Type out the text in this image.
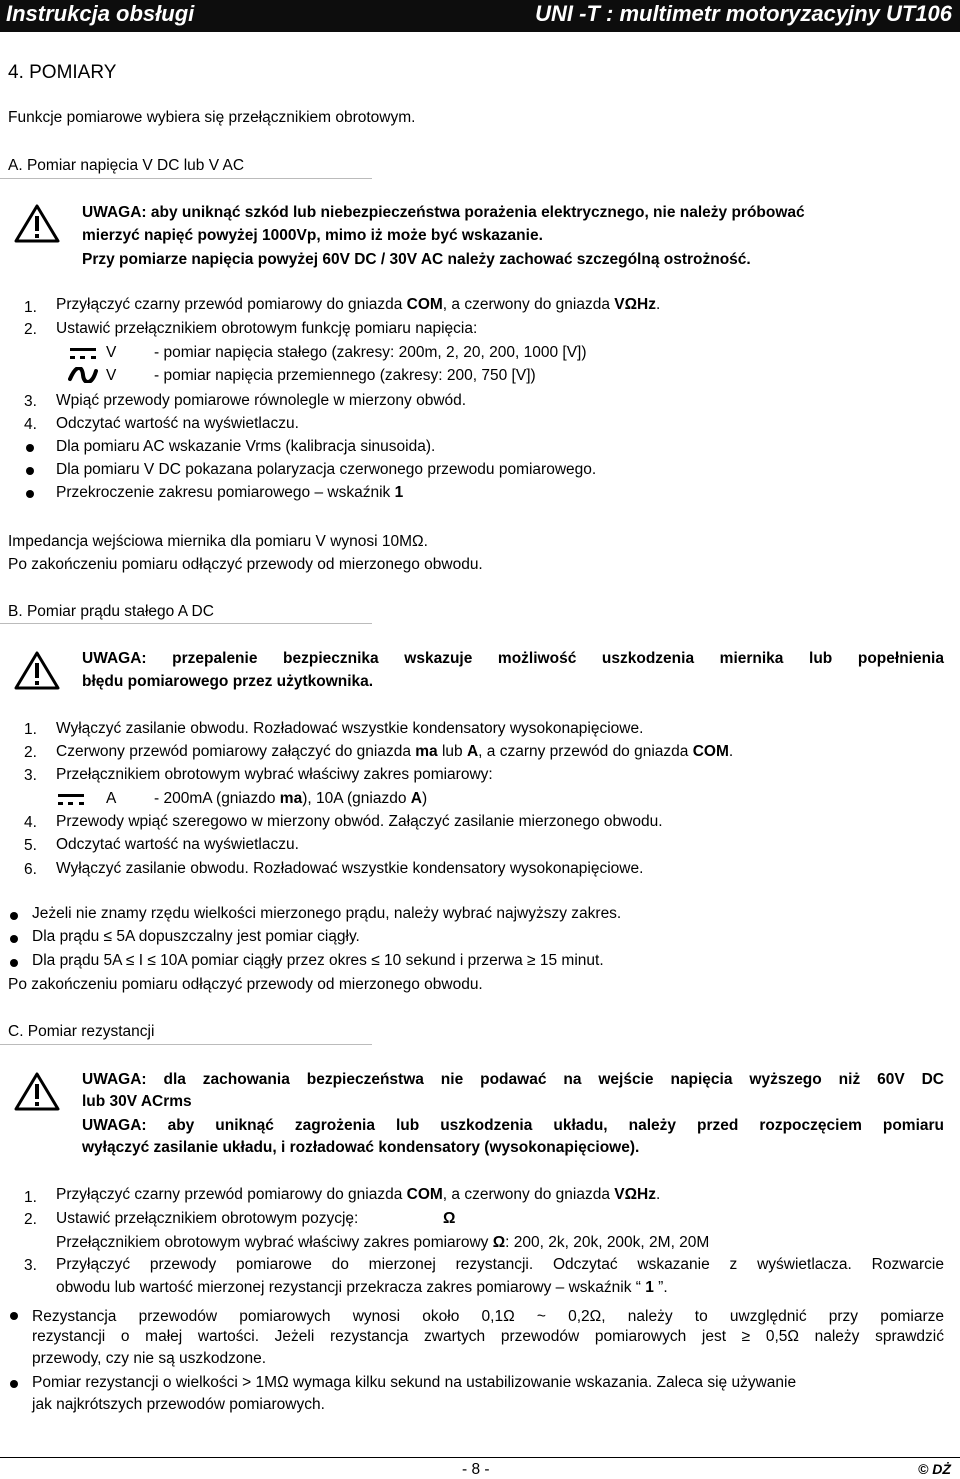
Instrukcja obsługi	UNI -T : multimetr motoryzacyjny UT106
4. POMIARY
Funkcje pomiarowe wybiera się przełącznikiem obrotowym.
A. Pomiar napięcia V DC lub V AC
UWAGA: aby uniknąć szkód lub niebezpieczeństwa porażenia elektrycznego, nie należy próbować
mierzyć napięć powyżej 1000Vp, mimo iż może być wskazanie.
Przy pomiarze napięcia powyżej 60V DC / 30V AC należy zachować szczególną ostrożność.
1. Przyłączyć czarny przewód pomiarowy do gniazda COM, a czerwony do gniazda VΩHz.
2. Ustawić przełącznikiem obrotowym funkcję pomiaru napięcia:
V - pomiar napięcia stałego (zakresy: 200m, 2, 20, 200, 1000 [V])
V - pomiar napięcia przemiennego (zakresy: 200, 750 [V])
3. Wpiąć przewody pomiarowe równolegle w mierzony obwód.
4. Odczytać wartość na wyświetlaczu.
Dla pomiaru AC wskazanie Vrms (kalibracja sinusoida).
Dla pomiaru V DC pokazana polaryzacja czerwonego przewodu pomiarowego.
Przekroczenie zakresu pomiarowego – wskaźnik 1
Impedancja wejściowa miernika dla pomiaru V wynosi 10MΩ.
Po zakończeniu pomiaru odłączyć przewody od mierzonego obwodu.
B. Pomiar prądu stałego A DC
UWAGA: przepalenie bezpiecznika wskazuje możliwość uszkodzenia miernika lub popełnienia
błędu pomiarowego przez użytkownika.
1. Wyłączyć zasilanie obwodu. Rozładować wszystkie kondensatory wysokonapięciowe.
2. Czerwony przewód pomiarowy załączyć do gniazda ma lub A, a czarny przewód do gniazda COM.
3. Przełącznikiem obrotowym wybrać właściwy zakres pomiarowy:
A - 200mA (gniazdo ma), 10A (gniazdo A)
4. Przewody wpiąć szeregowo w mierzony obwód. Załączyć zasilanie mierzonego obwodu.
5. Odczytać wartość na wyświetlaczu.
6. Wyłączyć zasilanie obwodu. Rozładować wszystkie kondensatory wysokonapięciowe.
Jeżeli nie znamy rzędu wielkości mierzonego prądu, należy wybrać najwyższy zakres.
Dla prądu ≤ 5A dopuszczalny jest pomiar ciągły.
Dla prądu 5A ≤ I ≤ 10A pomiar ciągły przez okres ≤ 10 sekund i przerwa ≥ 15 minut.
Po zakończeniu pomiaru odłączyć przewody od mierzonego obwodu.
C. Pomiar rezystancji
UWAGA: dla zachowania bezpieczeństwa nie podawać na wejście napięcia wyższego niż 60V DC
lub 30V ACrms
UWAGA: aby uniknąć zagrożenia lub uszkodzenia układu, należy przed rozpoczęciem pomiaru
wyłączyć zasilanie układu, i rozładować kondensatory (wysokonapięciowe).
1. Przyłączyć czarny przewód pomiarowy do gniazda COM, a czerwony do gniazda VΩHz.
2. Ustawić przełącznikiem obrotowym pozycję:	Ω
Przełącznikiem obrotowym wybrać właściwy zakres pomiarowy Ω: 200, 2k, 20k, 200k, 2M, 20M
3. Przyłączyć przewody pomiarowe do mierzonej rezystancji. Odczytać wskazanie z wyświetlacza. Rozwarcie
obwodu lub wartość mierzonej rezystancji przekracza zakres pomiarowy – wskaźnik “ 1 ”.
Rezystancja przewodów pomiarowych wynosi około 0,1Ω ~ 0,2Ω, należy to uwzględnić przy pomiarze
rezystancji o małej wartości. Jeżeli rezystancja zwartych przewodów pomiarowych jest ≥ 0,5Ω należy sprawdzić
przewody, czy nie są uszkodzone.
Pomiar rezystancji o wielkości > 1MΩ wymaga kilku sekund na ustabilizowanie wskazania. Zaleca się używanie
jak najkrótszych przewodów pomiarowych.
- 8 -	© DŻ
